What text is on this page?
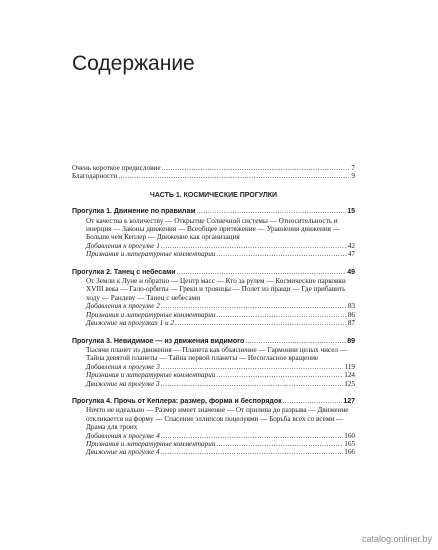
Содержание
Очень короткое предисловие .....	7
Благодарности .....	9
ЧАСТЬ 1. КОСМИЧЕСКИЕ ПРОГУЛКИ
Прогулка 1. Движение по правилам .....	15
От качества к количеству — Открытие Солнечной системы — Относительность и инерция — Законы движения — Всеобщее притяжение — Уравнения движения — Больше чем Кеплер — Движение как организация
Добавления к прогулке 1 .....	42
Признания и литературные комментарии .....	47
Прогулка 2. Танец с небесами .....	49
От Земли к Луне и обратно — Центр масс — Кто за рулем — Космические парковки XVIII века — Гало-орбиты — Греки и троянцы — Полет из пращи — Где прибавить ходу — Рандеву — Танец с небесами
Добавления к прогулке 2 .....	83
Признания и литературные комментарии .....	86
Движение на прогулках 1 и 2 .....	87
Прогулка 3. Невидимое — из движения видимого .....	89
Тысячи планет из движения — Планета как объяснение — Гармонии целых чисел — Тайна девятой планеты — Тайна первой планеты — Несогласное вращение
Добавления к прогулке 3 .....	119
Признания и литературные комментарии .....	124
Движение на прогулке 3 .....	125
Прогулка 4. Прочь от Кеплера: размер, форма и беспорядок .....	127
Ничто не идеально — Размер имеет значение — От прилива до разрыва — Движение откликается на форму — Спасение эллипсов поцелуями — Борьба всех со всеми — Драма для троих
Добавления к прогулке 4 .....	160
Признания и литературные комментарии .....	165
Движение на прогулке 4 .....	166
catalog.onliner.by
